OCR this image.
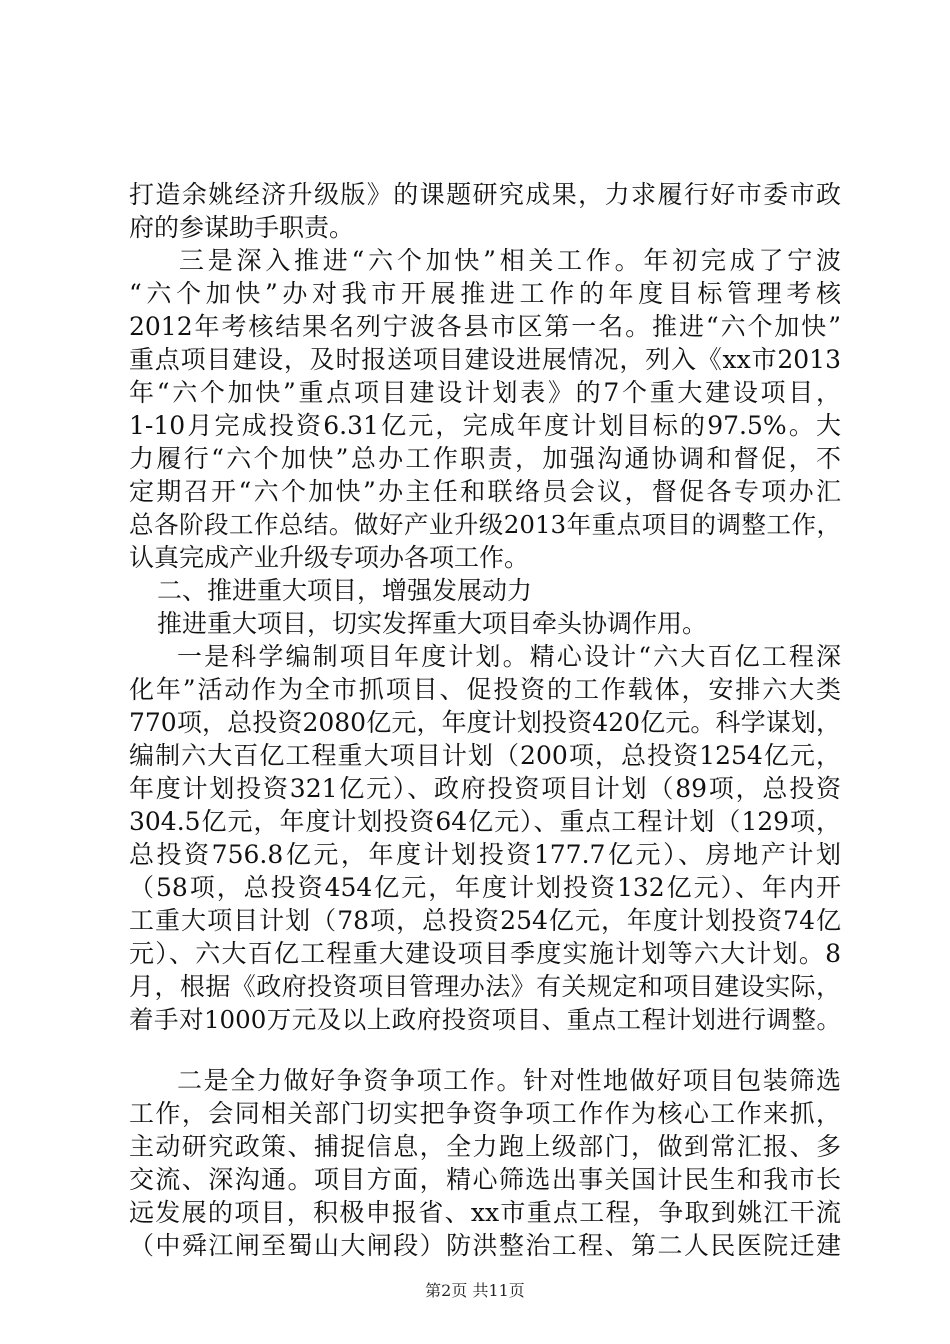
打造余姚经济升级版》的课题研究成果，力求履行好市委市政
府的参谋助手职责。
三是深入推进“六个加快”相关工作。年初完成了宁波
“六个加快”办对我市开展推进工作的年度目标管理考核
2012年考核结果名列宁波各县市区第一名。推进“六个加快”
重点项目建设，及时报送项目建设进展情况，列入《xx市2013
年“六个加快”重点项目建设计划表》的7个重大建设项目，
1-10月完成投资6.31亿元，完成年度计划目标的97.5%。大
力履行“六个加快”总办工作职责，加强沟通协调和督促，不
定期召开“六个加快”办主任和联络员会议，督促各专项办汇
总各阶段工作总结。做好产业升级2013年重点项目的调整工作，
认真完成产业升级专项办各项工作。
二、推进重大项目，增强发展动力
推进重大项目，切实发挥重大项目牵头协调作用。
一是科学编制项目年度计划。精心设计“六大百亿工程深
化年”活动作为全市抓项目、促投资的工作载体，安排六大类
770项，总投资2080亿元，年度计划投资420亿元。科学谋划，
编制六大百亿工程重大项目计划（200项，总投资1254亿元，
年度计划投资321亿元）、政府投资项目计划（89项，总投资
304.5亿元，年度计划投资64亿元）、重点工程计划（129项，
总投资756.8亿元，年度计划投资177.7亿元）、房地产计划
（58项，总投资454亿元，年度计划投资132亿元）、年内开
工重大项目计划（78项，总投资254亿元，年度计划投资74亿
元）、六大百亿工程重大建设项目季度实施计划等六大计划。8
月，根据《政府投资项目管理办法》有关规定和项目建设实际，
着手对1000万元及以上政府投资项目、重点工程计划进行调整。
二是全力做好争资争项工作。针对性地做好项目包装筛选
工作，会同相关部门切实把争资争项工作作为核心工作来抓，
主动研究政策、捕捉信息，全力跑上级部门，做到常汇报、多
交流、深沟通。项目方面，精心筛选出事关国计民生和我市长
远发展的项目，积极申报省、xx市重点工程，争取到姚江干流
（中舜江闸至蜀山大闸段）防洪整治工程、第二人民医院迁建
第2页 共11页
